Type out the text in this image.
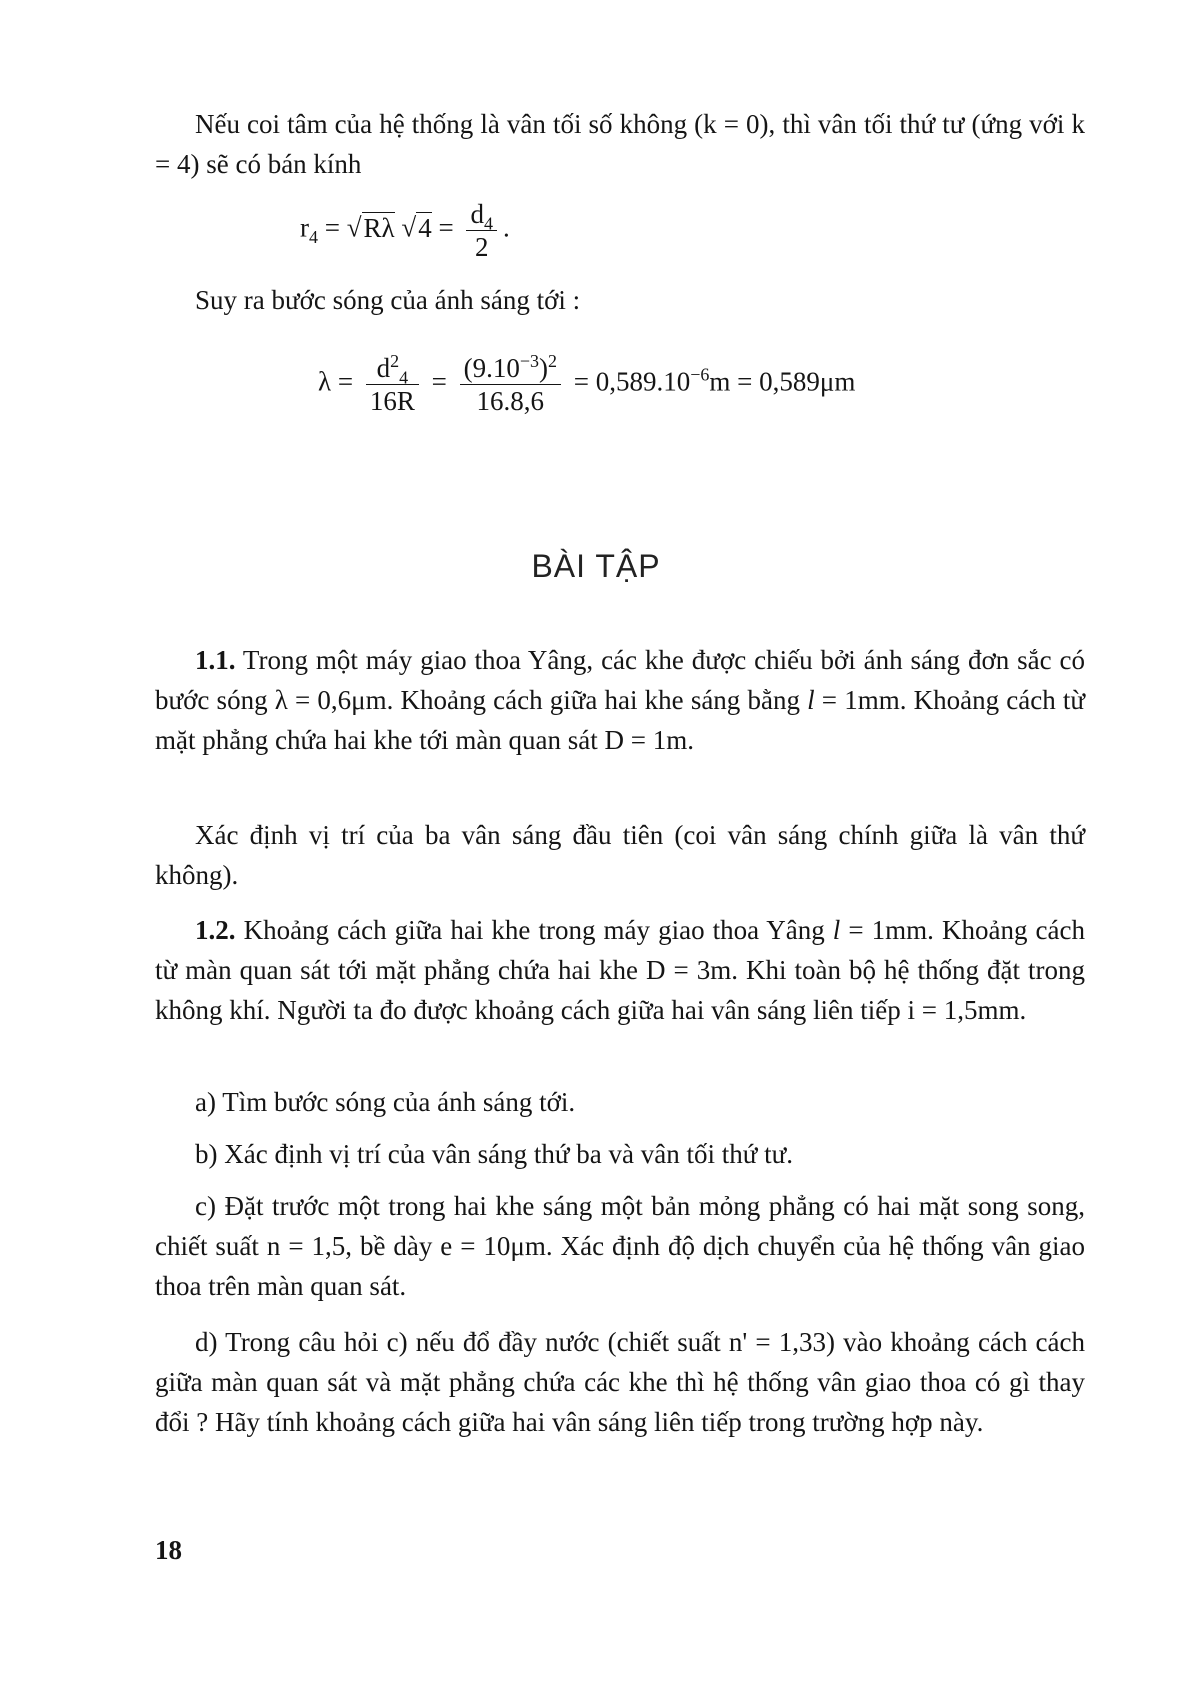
Nếu coi tâm của hệ thống là vân tối số không (k = 0), thì vân tối thứ tư (ứng với k = 4) sẽ có bán kính

$r_4 = √R\lambda$ $√4 = \frac{d_4}{2}$ .

Suy ra bước sóng của ánh sáng tới :

$\lambda = \frac{d^2_4}{16R} = \frac{(9.10^{-3})^2}{16.8,6} = 0,589.10^{-6}m = 0,589\mu m$
BÀI TẬP

1.1. Trong một máy giao thoa Yâng, các khe được chiếu bởi ánh sáng đơn sắc có bước sóng λ = 0,6μm. Khoảng cách giữa hai khe sáng bằng l = 1mm. Khoảng cách từ mặt phẳng chứa hai khe tới màn quan sát D = 1m.

Xác định vị trí của ba vân sáng đầu tiên (coi vân sáng chính giữa là vân thứ không).

1.2. Khoảng cách giữa hai khe trong máy giao thoa Yâng l = 1mm. Khoảng cách từ màn quan sát tới mặt phẳng chứa hai khe D = 3m. Khi toàn bộ hệ thống đặt trong không khí. Người ta đo được khoảng cách giữa hai vân sáng liên tiếp i = 1,5mm.

a) Tìm bước sóng của ánh sáng tới.

b) Xác định vị trí của vân sáng thứ ba và vân tối thứ tư.

c) Đặt trước một trong hai khe sáng một bản mỏng phẳng có hai mặt song song, chiết suất n = 1,5, bề dày e = 10μm. Xác định độ dịch chuyển của hệ thống vân giao thoa trên màn quan sát.

d) Trong câu hỏi c) nếu đổ đầy nước (chiết suất n' = 1,33) vào khoảng cách cách giữa màn quan sát và mặt phẳng chứa các khe thì hệ thống vân giao thoa có gì thay đổi ? Hãy tính khoảng cách giữa hai vân sáng liên tiếp trong trường hợp này.

18
